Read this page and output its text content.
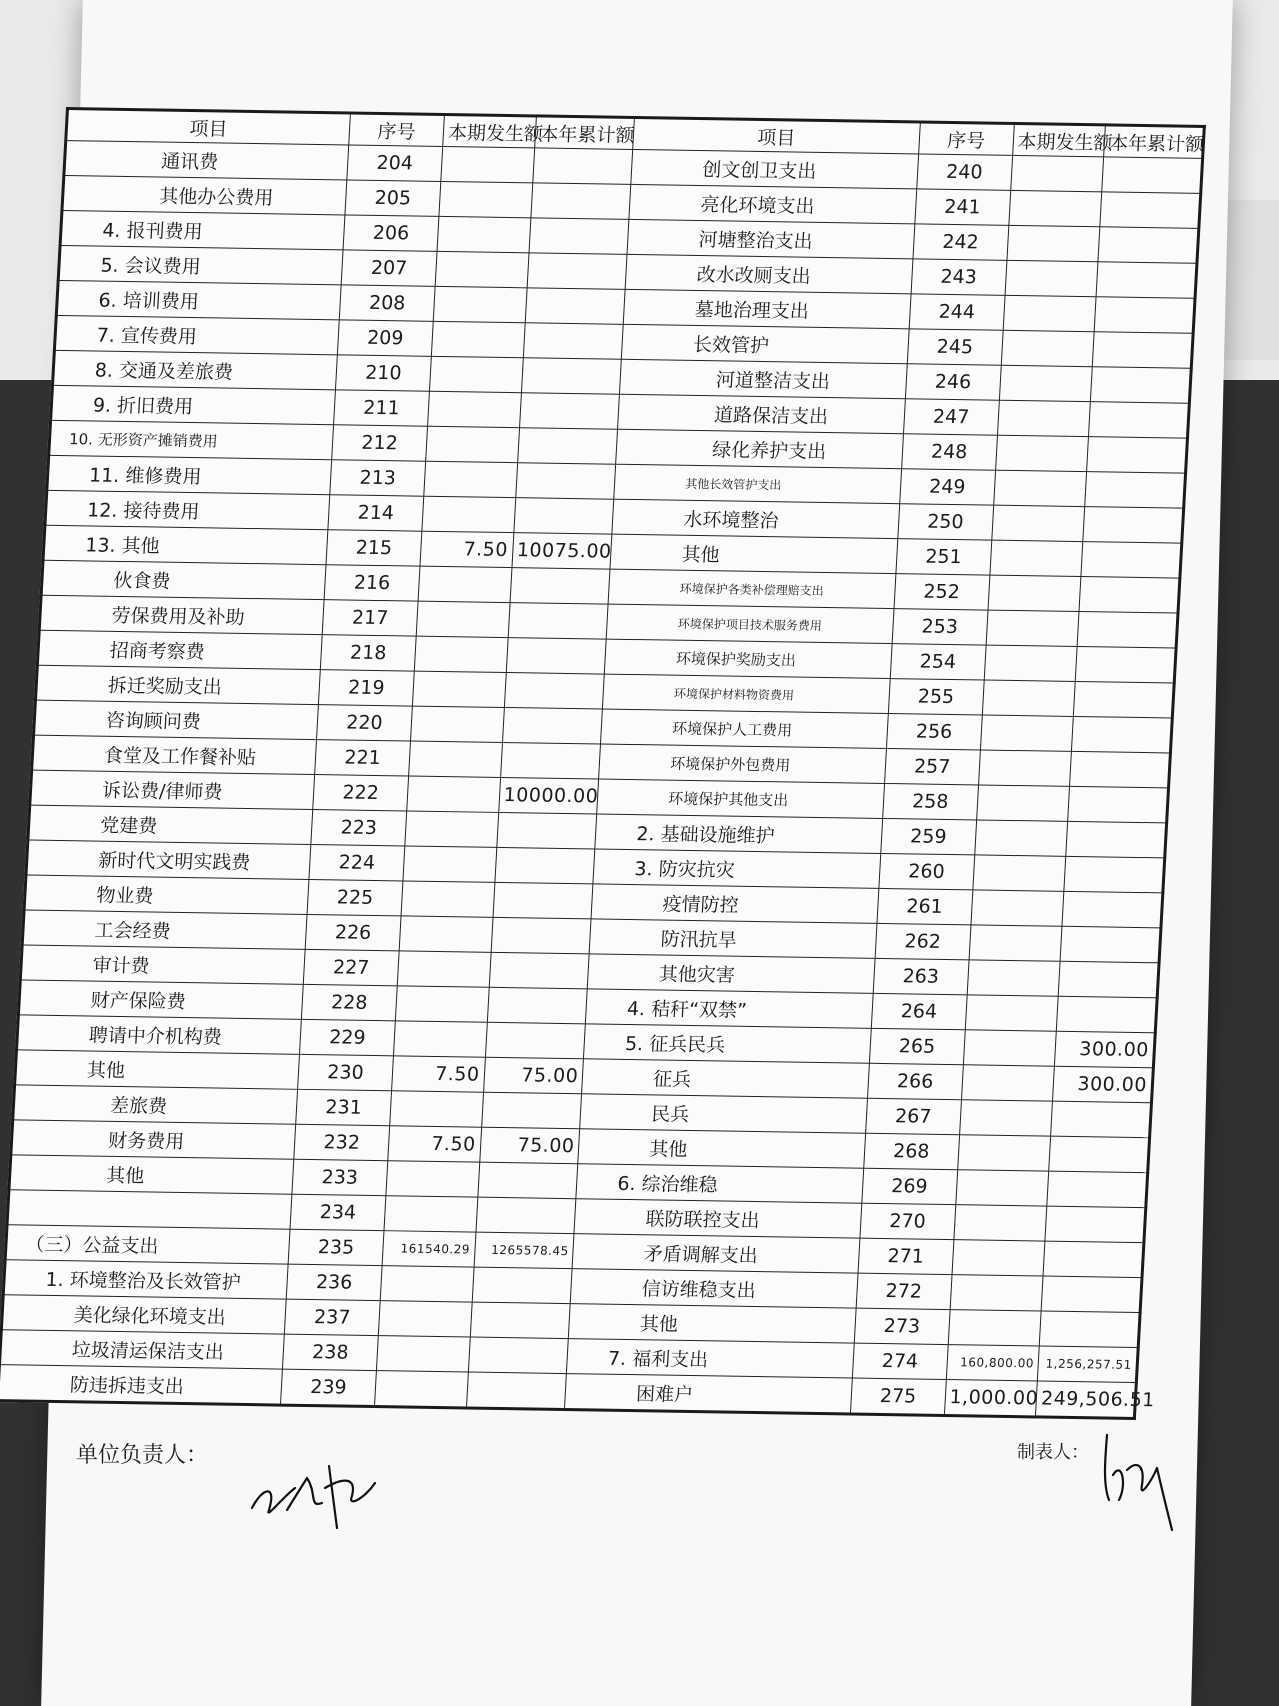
项目	序号	本期发生额	本年累计额	项目	序号	本期发生额	本年累计额
通讯费	204			创文创卫支出	240		
其他办公费用	205			亮化环境支出	241		
4. 报刊费用	206			河塘整治支出	242		
5. 会议费用	207			改水改厕支出	243		
6. 培训费用	208			墓地治理支出	244		
7. 宣传费用	209			长效管护	245		
8. 交通及差旅费	210			河道整洁支出	246		
9. 折旧费用	211			道路保洁支出	247		
10. 无形资产摊销费用	212			绿化养护支出	248		
11. 维修费用	213			其他长效管护支出	249		
12. 接待费用	214			水环境整治	250		
13. 其他	215	7.50	10075.00	其他	251		
伙食费	216			环境保护各类补偿理赔支出	252		
劳保费用及补助	217			环境保护项目技术服务费用	253		
招商考察费	218			环境保护奖励支出	254		
拆迁奖励支出	219			环境保护材料物资费用	255		
咨询顾问费	220			环境保护人工费用	256		
食堂及工作餐补贴	221			环境保护外包费用	257		
诉讼费/律师费	222		10000.00	环境保护其他支出	258		
党建费	223			2. 基础设施维护	259		
新时代文明实践费	224			3. 防灾抗灾	260		
物业费	225			疫情防控	261		
工会经费	226			防汛抗旱	262		
审计费	227			其他灾害	263		
财产保险费	228			4. 秸秆“双禁”	264		
聘请中介机构费	229			5. 征兵民兵	265		300.00
其他	230	7.50	75.00	征兵	266		300.00
差旅费	231			民兵	267		
财务费用	232	7.50	75.00	其他	268		
其他	233			6. 综治维稳	269		
	234			联防联控支出	270		
（三）公益支出	235	161540.29	1265578.45	矛盾调解支出	271		
1. 环境整治及长效管护	236			信访维稳支出	272		
美化绿化环境支出	237			其他	273		
垃圾清运保洁支出	238			7. 福利支出	274	160,800.00	1,256,257.51
防违拆违支出	239			困难户	275	1,000.00	249,506.51
单位负责人：	制表人：
